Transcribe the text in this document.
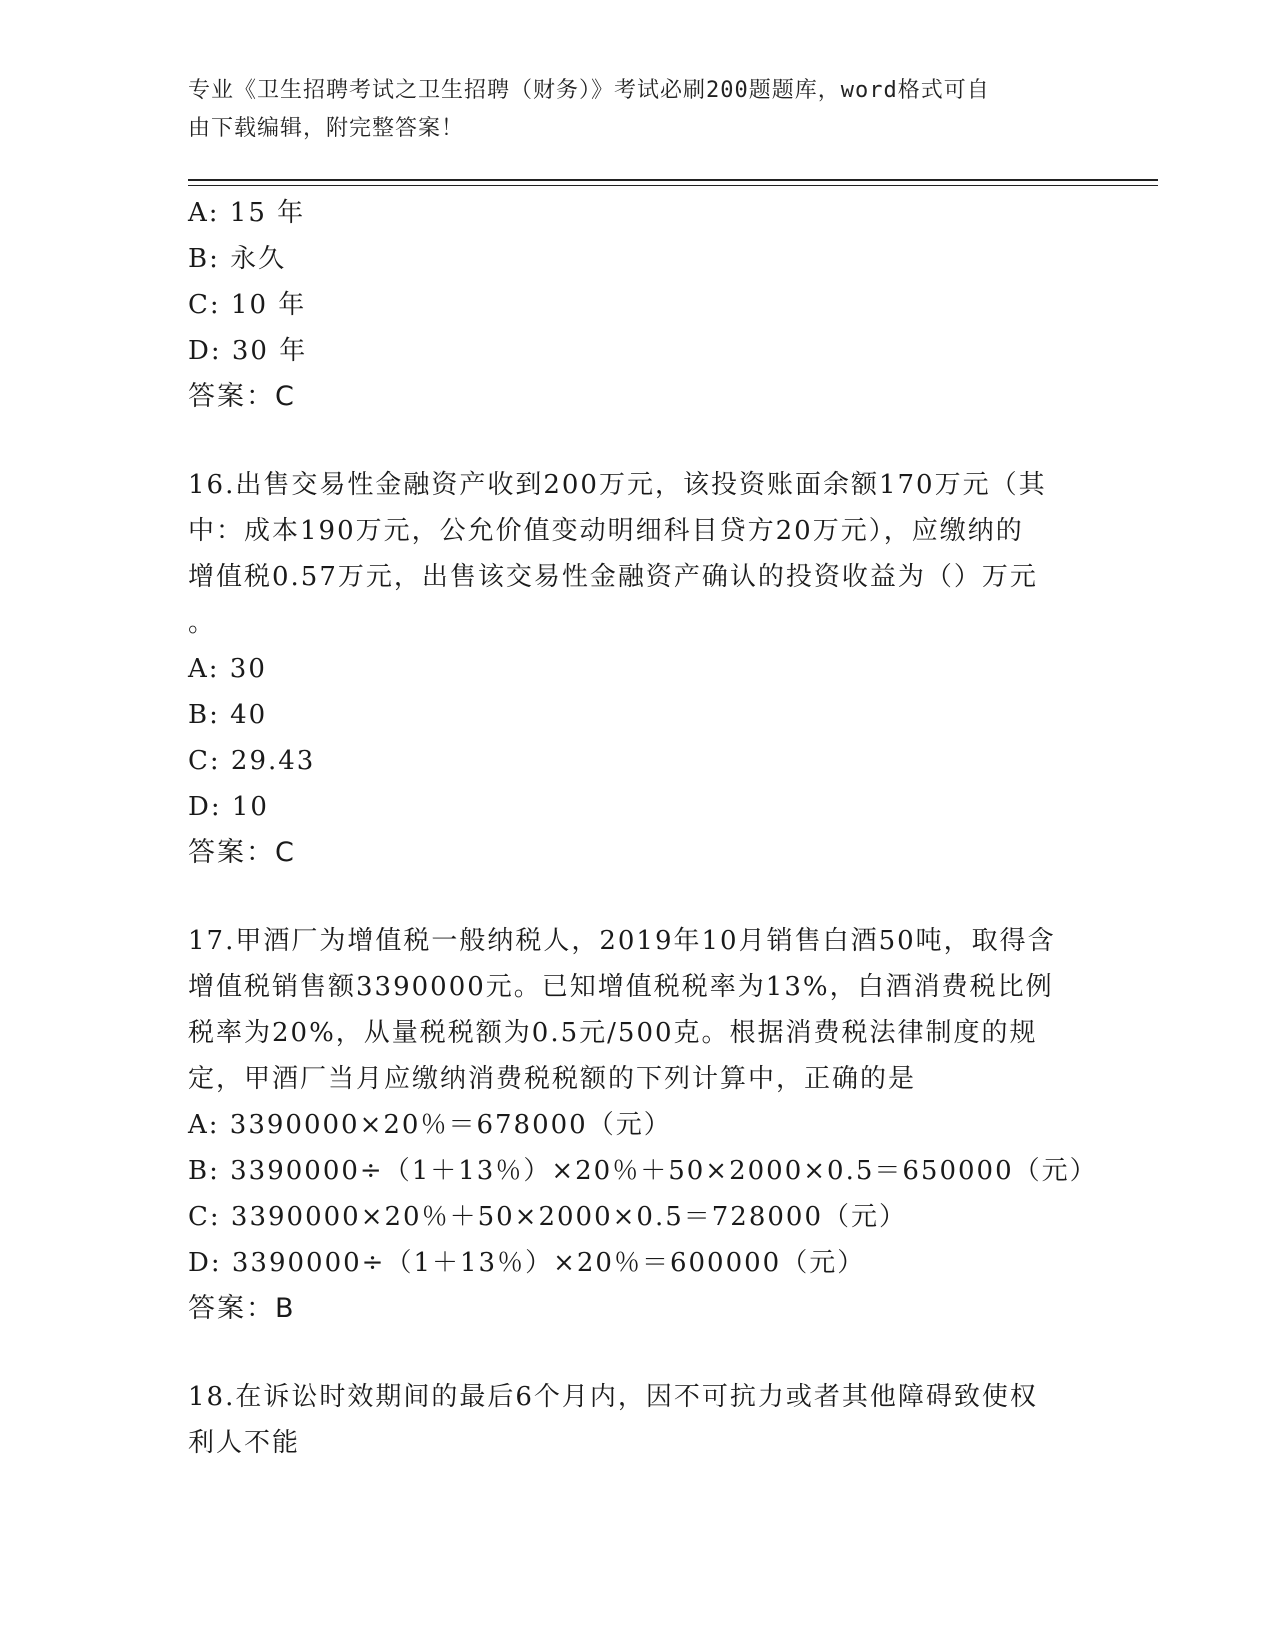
专业《卫生招聘考试之卫生招聘（财务）》考试必刷200题题库，word格式可自
由下载编辑，附完整答案！
A: 15 年
B: 永久
C: 10 年
D: 30 年
答案：C
16.出售交易性金融资产收到200万元，该投资账面余额170万元（其
中：成本190万元，公允价值变动明细科目贷方20万元），应缴纳的
增值税0.57万元，出售该交易性金融资产确认的投资收益为（）万元
。
A: 30
B: 40
C: 29.43
D: 10
答案：C
17.甲酒厂为增值税一般纳税人，2019年10月销售白酒50吨，取得含
增值税销售额3390000元。已知增值税税率为13%，白酒消费税比例
税率为20%，从量税税额为0.5元/500克。根据消费税法律制度的规
定，甲酒厂当月应缴纳消费税税额的下列计算中，正确的是
A: 3390000×20％＝678000（元）
B: 3390000÷（1＋13％）×20％＋50×2000×0.5＝650000（元）
C: 3390000×20％＋50×2000×0.5＝728000（元）
D: 3390000÷（1＋13％）×20％＝600000（元）
答案：B
18.在诉讼时效期间的最后6个月内，因不可抗力或者其他障碍致使权
利人不能
